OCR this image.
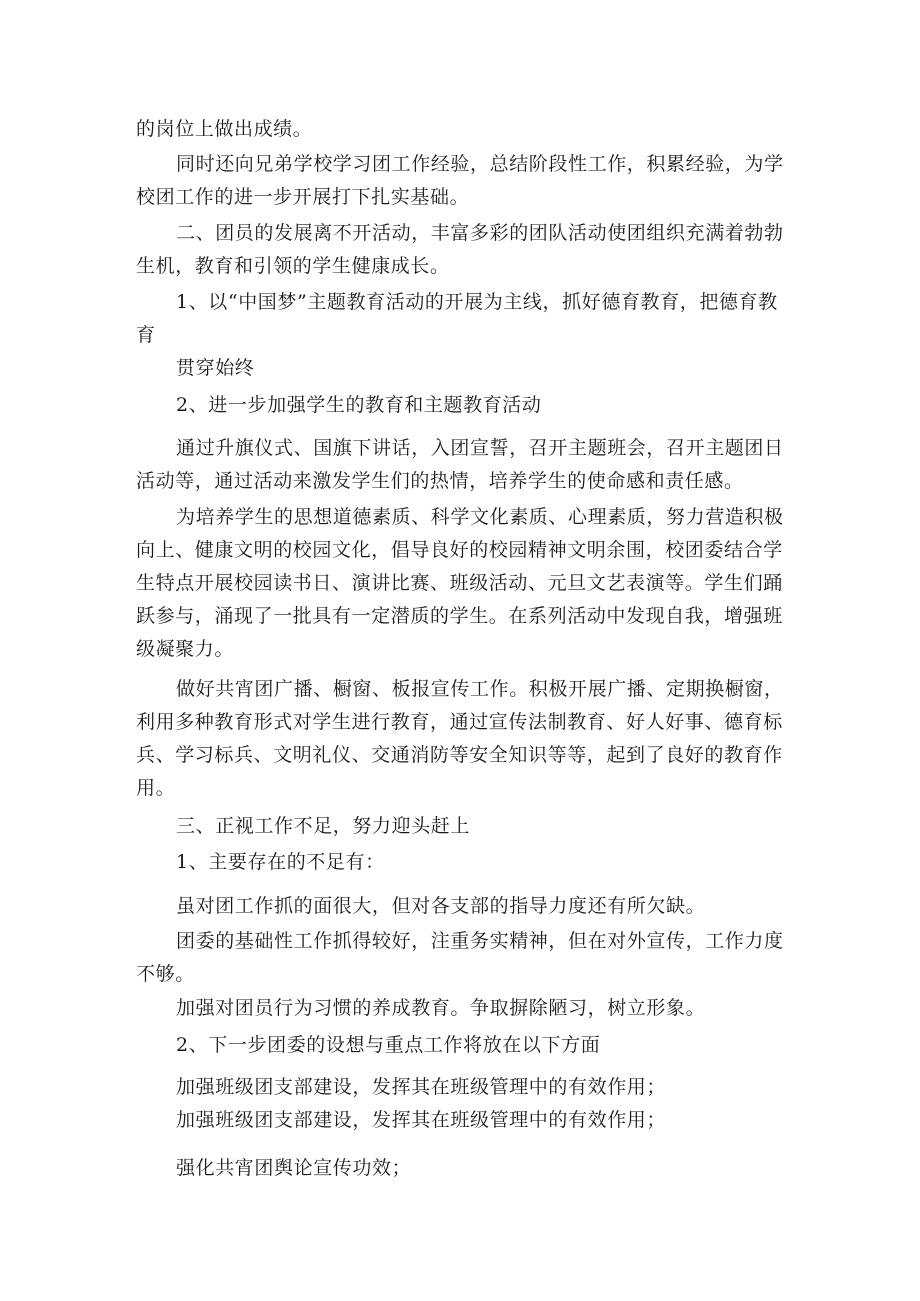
的岗位上做出成绩。

同时还向兄弟学校学习团工作经验，总结阶段性工作，积累经验，为学校团工作的进一步开展打下扎实基础。

二、团员的发展离不开活动，丰富多彩的团队活动使团组织充满着勃勃生机，教育和引领的学生健康成长。

1、以“中国梦”主题教育活动的开展为主线，抓好德育教育，把德育教育

贯穿始终

2、进一步加强学生的教育和主题教育活动

通过升旗仪式、国旗下讲话，入团宣誓，召开主题班会，召开主题团日活动等，通过活动来激发学生们的热情，培养学生的使命感和责任感。

为培养学生的思想道德素质、科学文化素质、心理素质，努力营造积极向上、健康文明的校园文化，倡导良好的校园精神文明余围，校团委结合学生特点开展校园读书日、演讲比赛、班级活动、元旦文艺表演等。学生们踊跃参与，涌现了一批具有一定潜质的学生。在系列活动中发现自我，增强班级凝聚力。

做好共宵团广播、橱窗、板报宣传工作。积极开展广播、定期换橱窗，利用多种教育形式对学生进行教育，通过宣传法制教育、好人好事、德育标兵、学习标兵、文明礼仪、交通消防等安全知识等等，起到了良好的教育作用。

三、正视工作不足，努力迎头赶上

1、主要存在的不足有：

虽对团工作抓的面很大，但对各支部的指导力度还有所欠缺。

团委的基础性工作抓得较好，注重务实精神，但在对外宣传，工作力度不够。

加强对团员行为习惯的养成教育。争取摒除陋习，树立形象。

2、下一步团委的设想与重点工作将放在以下方面

加强班级团支部建设，发挥其在班级管理中的有效作用；

加强班级团支部建设，发挥其在班级管理中的有效作用；

强化共宵团舆论宣传功效；
